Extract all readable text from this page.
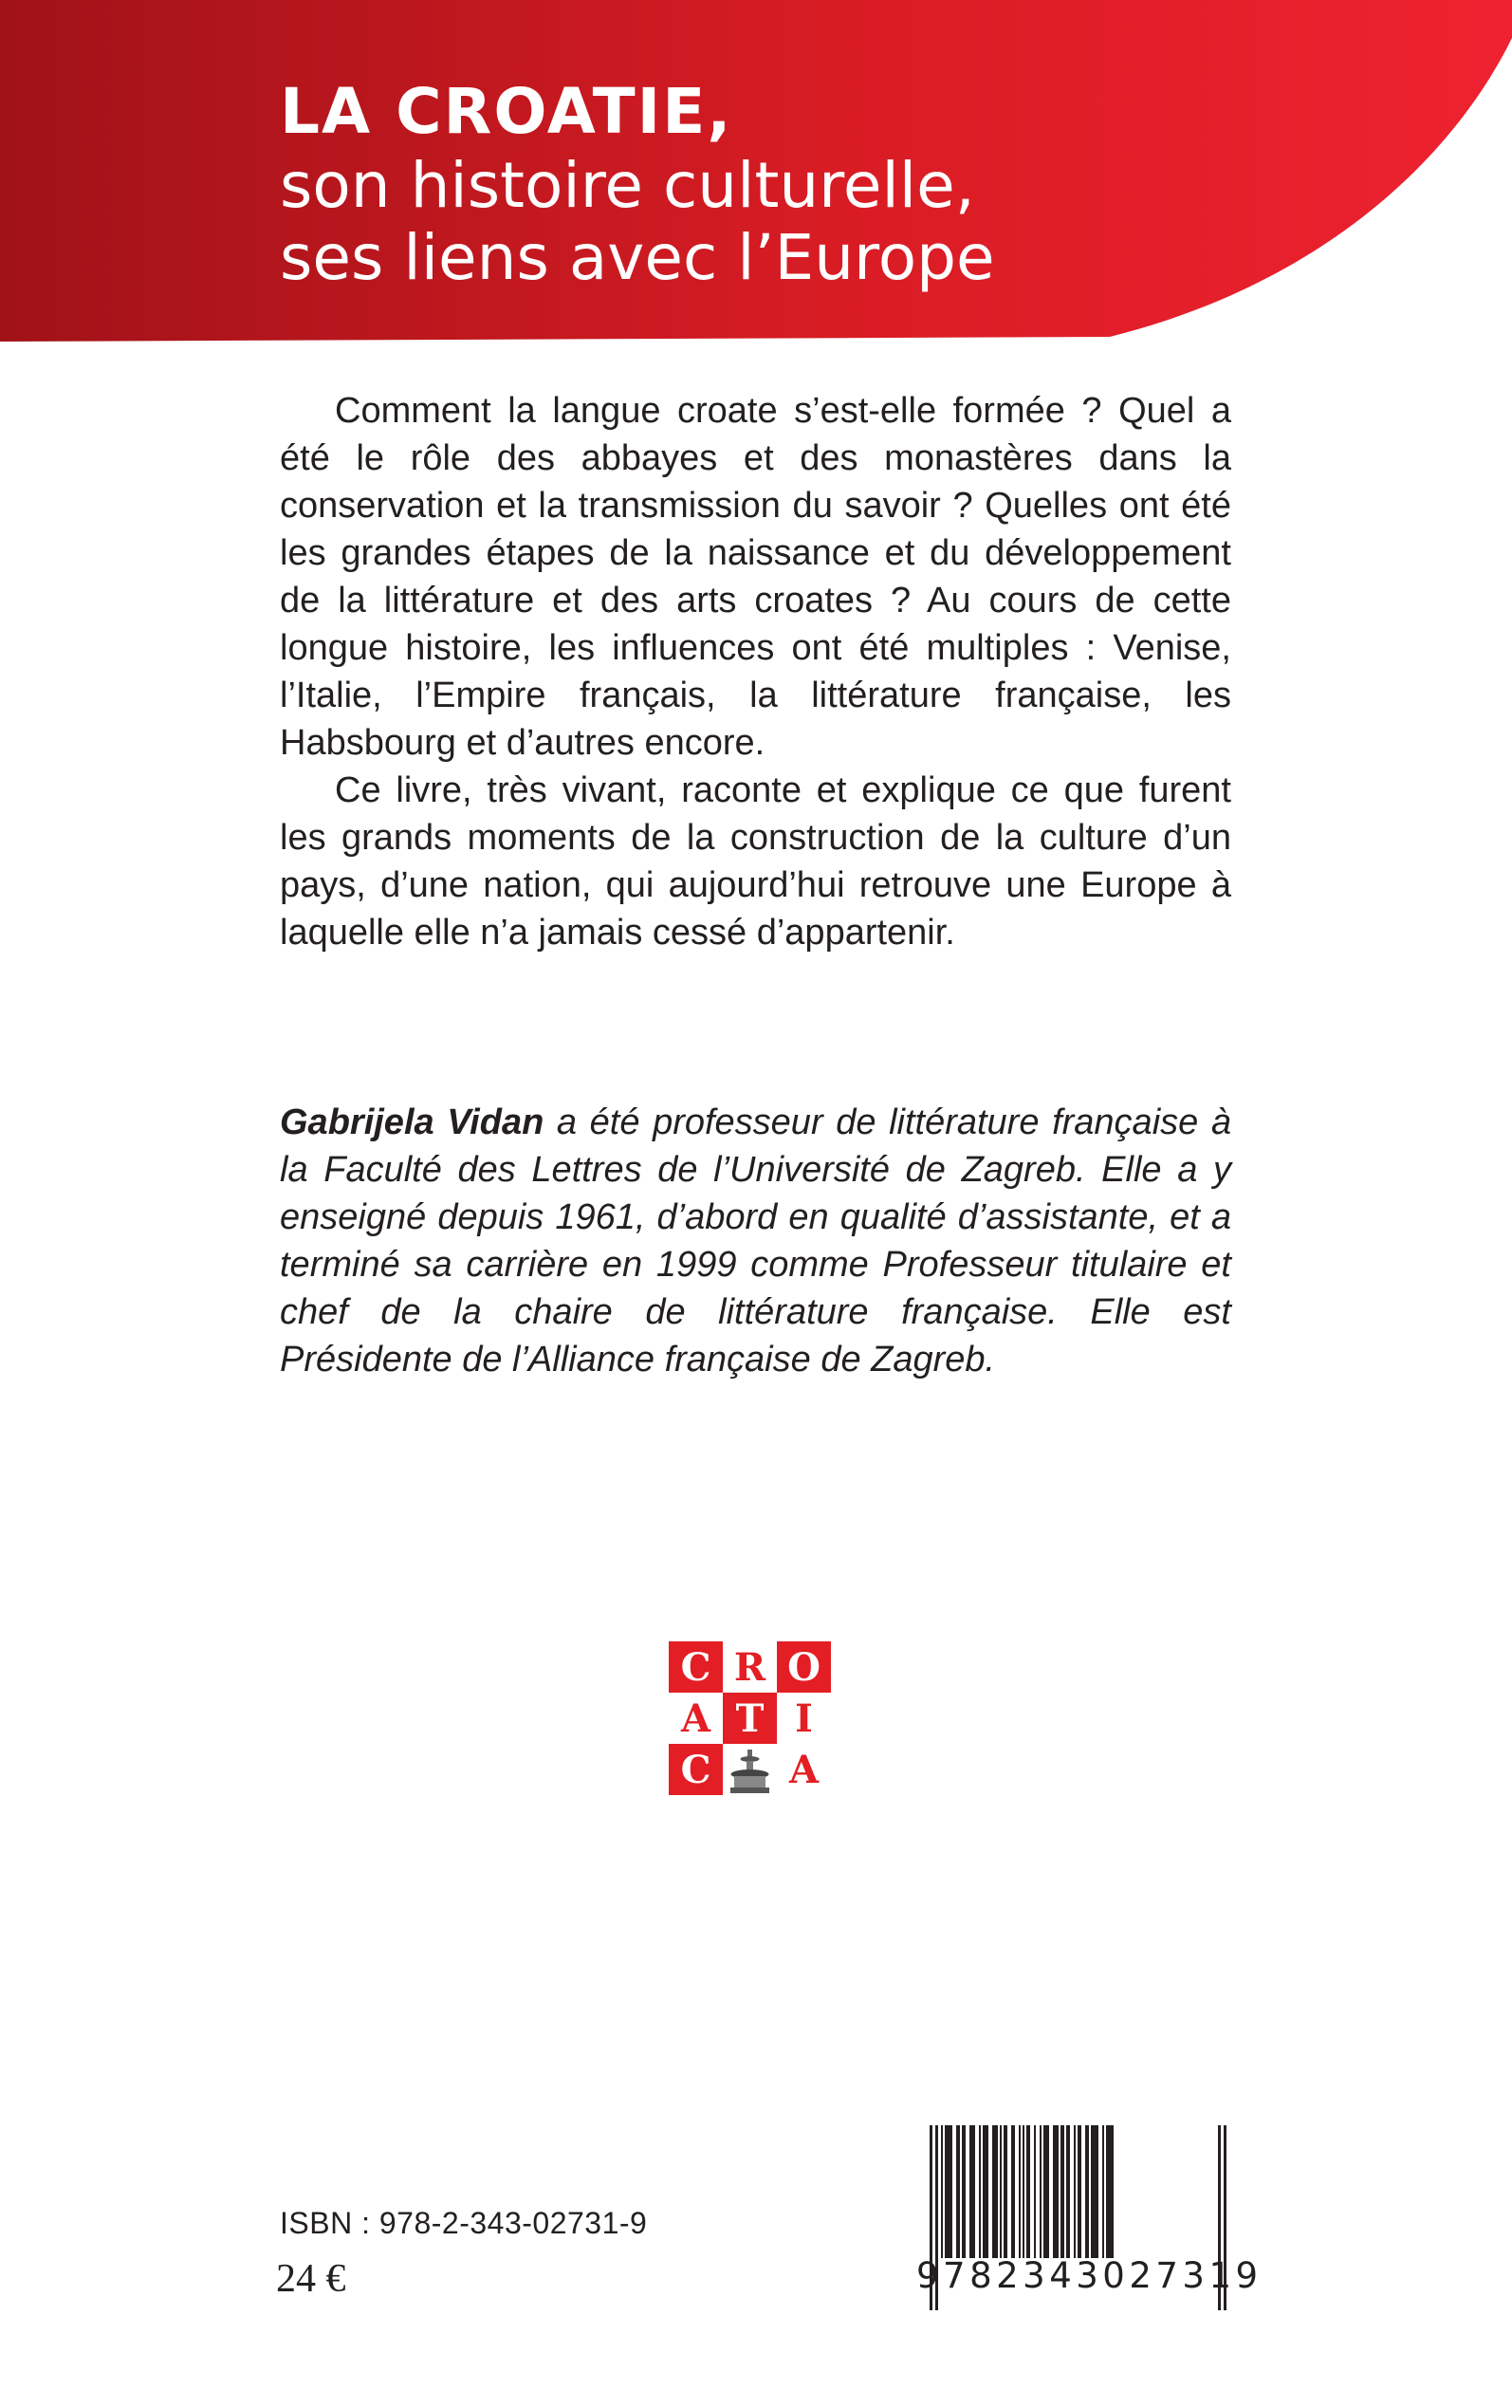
LA CROATIE,
son histoire culturelle,
ses liens avec l’Europe

Comment la langue croate s’est-elle formée ? Quel a été le rôle des abbayes et des monastères dans la conservation et la transmission du savoir ? Quelles ont été les grandes étapes de la naissance et du développement de la littérature et des arts croates ? Au cours de cette longue histoire, les influences ont été multiples : Venise, l’Italie, l’Empire français, la littérature française, les Habsbourg et d’autres encore.

Ce livre, très vivant, raconte et explique ce que furent les grands moments de la construction de la culture d’un pays, d’une nation, qui aujourd’hui retrouve une Europe à laquelle elle n’a jamais cessé d’appartenir.

Gabrijela Vidan a été professeur de littérature française à la Faculté des Lettres de l’Université de Zagreb. Elle a y enseigné depuis 1961, d’abord en qualité d’assistante, et a terminé sa carrière en 1999 comme Professeur titulaire et chef de la chaire de littérature française. Elle est Présidente de l’Alliance française de Zagreb.

C R O
A T I
C	A
ISBN : 978-2-343-02731-9
24 €	9782343027319
